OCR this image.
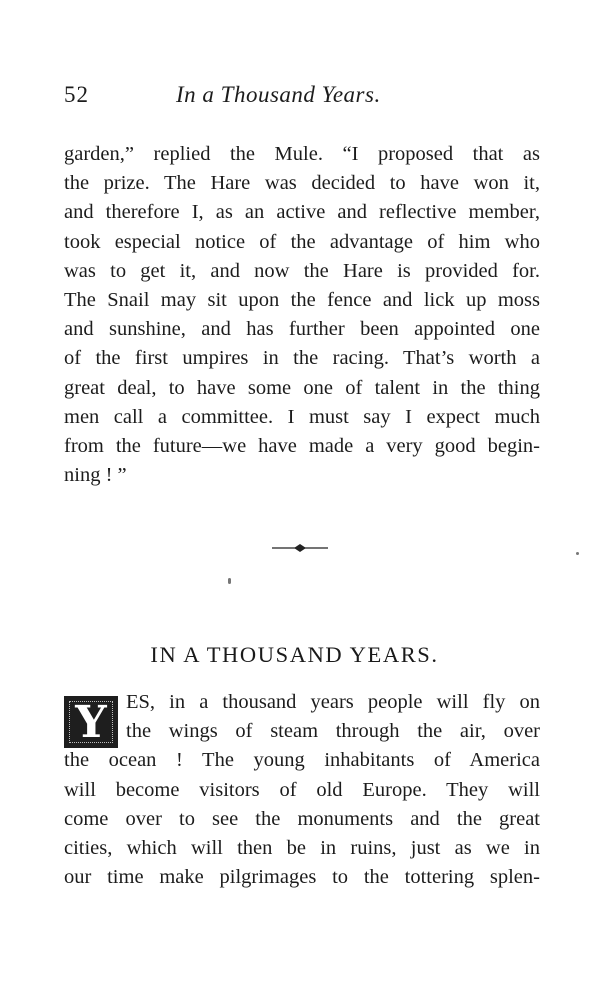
52	In a Thousand Years.
garden,” replied the Mule. “I proposed that as
the prize. The Hare was decided to have won it,
and therefore I, as an active and reflective member,
took especial notice of the advantage of him who
was to get it, and now the Hare is provided for.
The Snail may sit upon the fence and lick up moss
and sunshine, and has further been appointed one
of the first umpires in the racing. That’s worth a
great deal, to have some one of talent in the thing
men call a committee. I must say I expect much
from the future—we have made a very good begin-
ning ! ”
IN A THOUSAND YEARS.
Y ES, in a thousand years people will fly on
the wings of steam through the air, over
the ocean ! The young inhabitants of America
will become visitors of old Europe. They will
come over to see the monuments and the great
cities, which will then be in ruins, just as we in
our time make pilgrimages to the tottering splen-
